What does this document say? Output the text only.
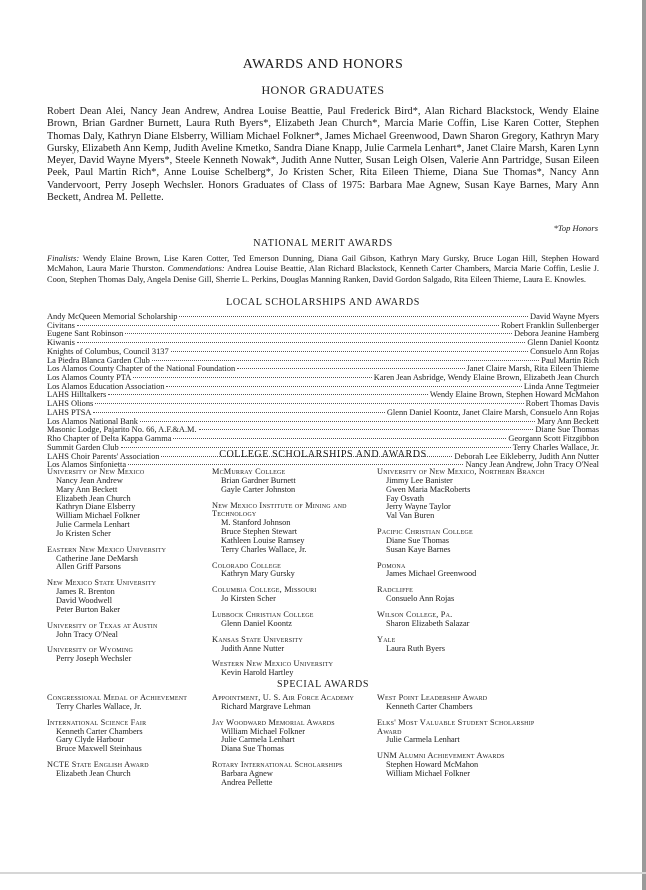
AWARDS AND HONORS
HONOR GRADUATES
Robert Dean Alei, Nancy Jean Andrew, Andrea Louise Beattie, Paul Frederick Bird*, Alan Richard Blackstock, Wendy Elaine Brown, Brian Gardner Burnett, Laura Ruth Byers*, Elizabeth Jean Church*, Marcia Marie Coffin, Lise Karen Cotter, Stephen Thomas Daly, Kathryn Diane Elsberry, William Michael Folkner*, James Michael Greenwood, Dawn Sharon Gregory, Kathryn Mary Gursky, Elizabeth Ann Kemp, Judith Aveline Kmetko, Sandra Diane Knapp, Julie Carmela Lenhart*, Janet Claire Marsh, Karen Lynn Meyer, David Wayne Myers*, Steele Kenneth Nowak*, Judith Anne Nutter, Susan Leigh Olsen, Valerie Ann Partridge, Susan Eileen Peek, Paul Martin Rich*, Anne Louise Schelberg*, Jo Kristen Scher, Rita Eileen Thieme, Diana Sue Thomas*, Nancy Ann Vandervoort, Perry Joseph Wechsler. Honors Graduates of Class of 1975: Barbara Mae Agnew, Susan Kaye Barnes, Mary Ann Beckett, Andrea M. Pellette.
*Top Honors
NATIONAL MERIT AWARDS
Finalists: Wendy Elaine Brown, Lise Karen Cotter, Ted Emerson Dunning, Diana Gail Gibson, Kathryn Mary Gursky, Bruce Logan Hill, Stephen Howard McMahon, Laura Marie Thurston. Commendations: Andrea Louise Beattie, Alan Richard Blackstock, Kenneth Carter Chambers, Marcia Marie Coffin, Leslie J. Coon, Stephen Thomas Daly, Angela Denise Gill, Sherrie L. Perkins, Douglas Manning Ranken, David Gordon Salgado, Rita Eileen Thieme, Laura E. Knowles.
LOCAL SCHOLARSHIPS AND AWARDS
Andy McQueen Memorial Scholarship	David Wayne Myers
Civitans	Robert Franklin Sullenberger
Eugene Sant Robinson	Debora Jeanine Hamberg
Kiwanis	Glenn Daniel Koontz
Knights of Columbus, Council 3137	Consuelo Ann Rojas
La Piedra Blanca Garden Club	Paul Martin Rich
Los Alamos County Chapter of the National Foundation	Janet Claire Marsh, Rita Eileen Thieme
Los Alamos County PTA	Karen Jean Asbridge, Wendy Elaine Brown, Elizabeth Jean Church
Los Alamos Education Association	Linda Anne Tegtmeier
LAHS Hilltalkers	Wendy Elaine Brown, Stephen Howard McMahon
LAHS Olions	Robert Thomas Davis
LAHS PTSA	Glenn Daniel Koontz, Janet Claire Marsh, Consuelo Ann Rojas
Los Alamos National Bank	Mary Ann Beckett
Masonic Lodge, Pajarito No. 66, A.F.&A.M.	Diane Sue Thomas
Rho Chapter of Delta Kappa Gamma	Georgann Scott Fitzgibbon
Summit Garden Club	Terry Charles Wallace, Jr.
LAHS Choir Parents' Association	Deborah Lee Eikleberry, Judith Ann Nutter
Los Alamos Sinfonietta	Nancy Jean Andrew, John Tracy O'Neal
COLLEGE SCHOLARSHIPS AND AWARDS
University of New Mexico
Nancy Jean Andrew
Mary Ann Beckett
Elizabeth Jean Church
Kathryn Diane Elsberry
William Michael Folkner
Julie Carmela Lenhart
Jo Kristen Scher
Eastern New Mexico University
Catherine Jane DeMarsh
Allen Griff Parsons
New Mexico State University
James R. Brenton
David Woodwell
Peter Burton Baker
University of Texas at Austin
John Tracy O'Neal
University of Wyoming
Perry Joseph Wechsler
McMurray College
Brian Gardner Burnett
Gayle Carter Johnston
New Mexico Institute of Mining and Technology
M. Stanford Johnson
Bruce Stephen Stewart
Kathleen Louise Ramsey
Terry Charles Wallace, Jr.
Colorado College
Kathryn Mary Gursky
Columbia College, Missouri
Jo Kirsten Scher
Lubbock Christian College
Glenn Daniel Koontz
Kansas State University
Judith Anne Nutter
Western New Mexico University
Kevin Harold Hartley
University of New Mexico, Northern Branch
Jimmy Lee Banister
Gwen Maria MacRoberts
Fay Osvath
Jerry Wayne Taylor
Val Van Buren
Pacific Christian College
Diane Sue Thomas
Susan Kaye Barnes
Pomona
James Michael Greenwood
Radcliffe
Consuelo Ann Rojas
Wilson College, Pa.
Sharon Elizabeth Salazar
Yale
Laura Ruth Byers
SPECIAL AWARDS
Congressional Medal of Achievement
Terry Charles Wallace, Jr.
International Science Fair
Kenneth Carter Chambers
Gary Clyde Harbour
Bruce Maxwell Steinhaus
NCTE State English Award
Elizabeth Jean Church
Appointment, U. S. Air Force Academy
Richard Margrave Lehman
Jay Woodward Memorial Awards
William Michael Folkner
Julie Carmela Lenhart
Diana Sue Thomas
Rotary International Scholarships
Barbara Agnew
Andrea Pellette
West Point Leadership Award
Kenneth Carter Chambers
Elks' Most Valuable Student Scholarship Award
Julie Carmela Lenhart
UNM Alumni Achievement Awards
Stephen Howard McMahon
William Michael Folkner
